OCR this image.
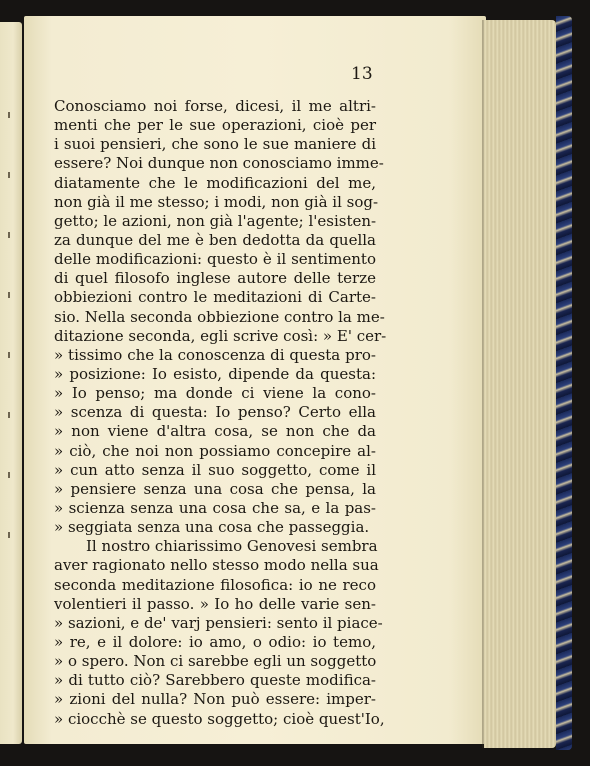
13
Conosciamo noi forse, dicesi, il me altri-
menti che per le sue operazioni, cioè per
i suoi pensieri, che sono le sue maniere di
essere? Noi dunque non conosciamo imme-
diatamente che le modificazioni del me,
non già il me stesso; i modi, non già il sog-
getto; le azioni, non già l'agente; l'esisten-
za dunque del me è ben dedotta da quella
delle modificazioni: questo è il sentimento
di quel filosofo inglese autore delle terze
obbiezioni contro le meditazioni di Carte-
sio. Nella seconda obbiezione contro la me-
ditazione seconda, egli scrive così: » E' cer-
» tissimo che la conoscenza di questa pro-
» posizione: Io esisto, dipende da questa:
» Io penso; ma donde ci viene la cono-
» scenza di questa: Io penso? Certo ella
» non viene d'altra cosa, se non che da
» ciò, che noi non possiamo concepire al-
» cun atto senza il suo soggetto, come il
» pensiere senza una cosa che pensa, la
» scienza senza una cosa che sa, e la pas-
» seggiata senza una cosa che passeggia.
Il nostro chiarissimo Genovesi sembra
aver ragionato nello stesso modo nella sua
seconda meditazione filosofica: io ne reco
volentieri il passo. » Io ho delle varie sen-
» sazioni, e de' varj pensieri: sento il piace-
» re, e il dolore: io amo, o odio: io temo,
» o spero. Non ci sarebbe egli un soggetto
» di tutto ciò? Sarebbero queste modifica-
» zioni del nulla? Non può essere: imper-
» ciocchè se questo soggetto; cioè quest'Io,
